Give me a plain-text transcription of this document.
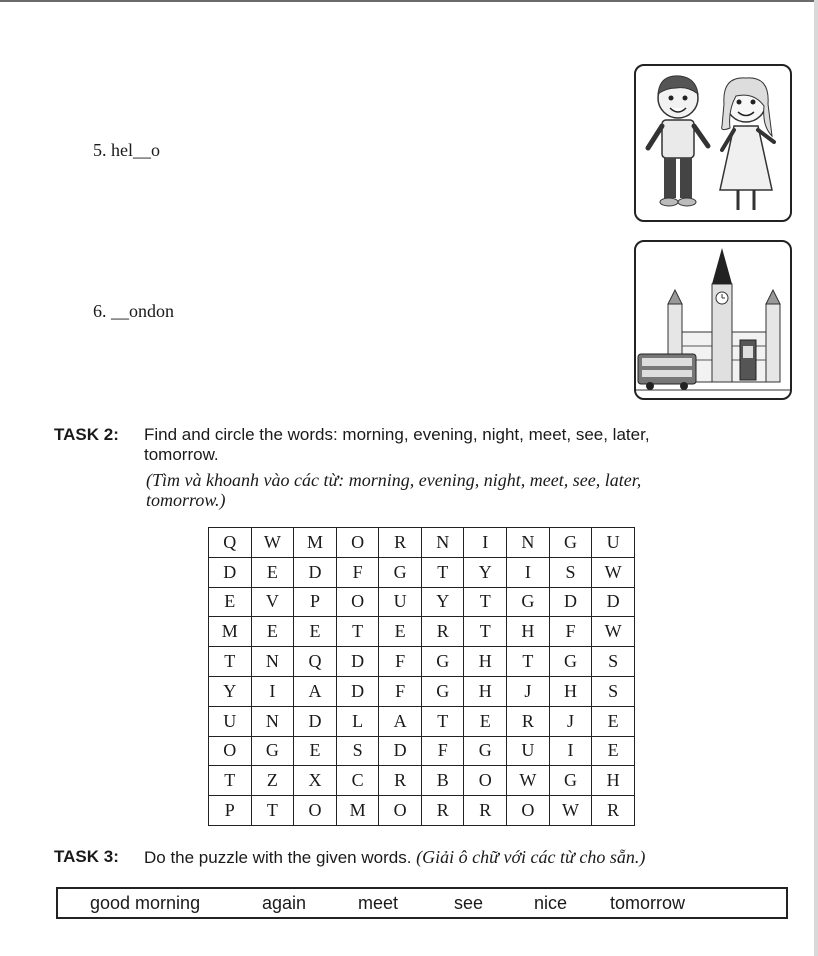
5. hel__o
6. __ondon
TASK 2: Find and circle the words: morning, evening, night, meet, see, later,
tomorrow.
(Tìm và khoanh vào các từ: morning, evening, night, meet, see, later,
tomorrow.)
Q	W	M	O	R	N	I	N	G	U
D	E	D	F	G	T	Y	I	S	W
E	V	P	O	U	Y	T	G	D	D
M	E	E	T	E	R	T	H	F	W
T	N	Q	D	F	G	H	T	G	S
Y	I	A	D	F	G	H	J	H	S
U	N	D	L	A	T	E	R	J	E
O	G	E	S	D	F	G	U	I	E
T	Z	X	C	R	B	O	W	G	H
P	T	O	M	O	R	R	O	W	R
TASK 3: Do the puzzle with the given words. (Giải ô chữ với các từ cho sẵn.)
good morning	again	meet	see	nice tomorrow
